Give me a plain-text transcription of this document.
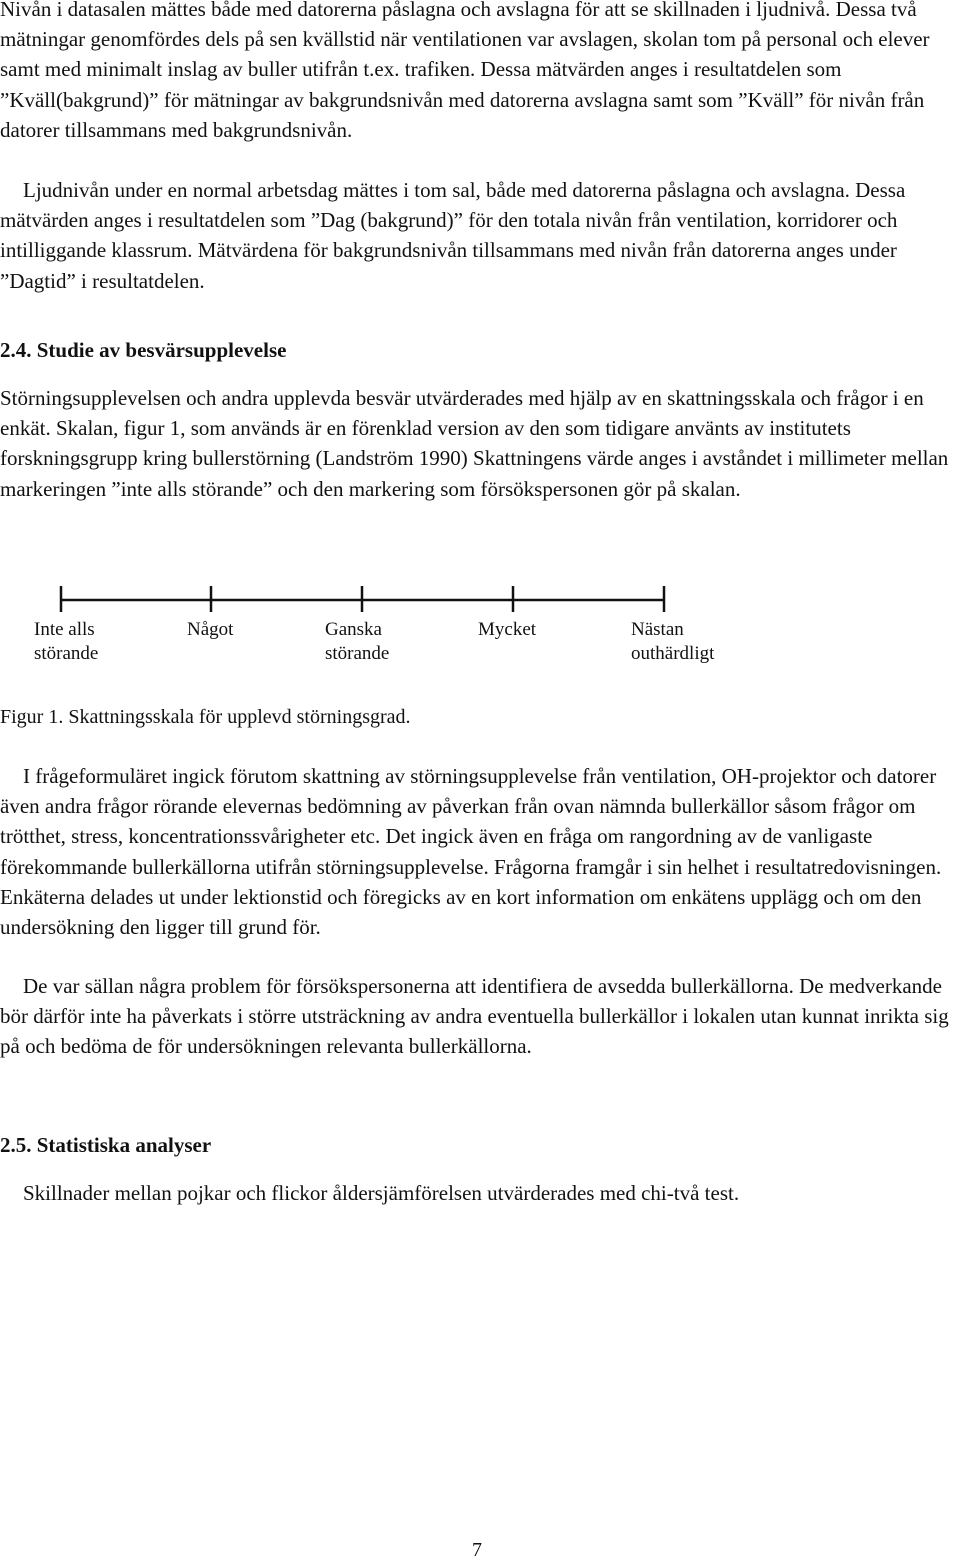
Nivån i datasalen mättes både med datorerna påslagna och avslagna för att se skillnaden i ljudnivå. Dessa två mätningar genomfördes dels på sen kvällstid när ventilationen var avslagen, skolan tom på personal och elever samt med minimalt inslag av buller utifrån t.ex. trafiken. Dessa mätvärden anges i resultatdelen som ”Kväll(bakgrund)” för mätningar av bakgrundsnivån med datorerna avslagna samt som ”Kväll” för nivån från datorer tillsammans med bakgrundsnivån.

Ljudnivån under en normal arbetsdag mättes i tom sal, både med datorerna påslagna och avslagna. Dessa mätvärden anges i resultatdelen som ”Dag (bakgrund)” för den totala nivån från ventilation, korridorer och intilliggande klassrum. Mätvärdena för bakgrundsnivån tillsammans med nivån från datorerna anges under ”Dagtid” i resultatdelen.

2.4. Studie av besvärsupplevelse

Störningsupplevelsen och andra upplevda besvär utvärderades med hjälp av en skattningsskala och frågor i en enkät. Skalan, figur 1, som används är en förenklad version av den som tidigare använts av institutets forskningsgrupp kring bullerstörning (Landström 1990) Skattningens värde anges i avståndet i millimeter mellan markeringen ”inte alls störande” och den markering som försökspersonen gör på skalan.

Inte alls
störande
Något	Ganska
störande
Mycket	Nästan
outhärdligt

Figur 1. Skattningsskala för upplevd störningsgrad.

I frågeformuläret ingick förutom skattning av störningsupplevelse från ventilation, OH-projektor och datorer även andra frågor rörande elevernas bedömning av påverkan från ovan nämnda bullerkällor såsom frågor om trötthet, stress, koncentrationssvårigheter etc. Det ingick även en fråga om rangordning av de vanligaste förekommande bullerkällorna utifrån störningsupplevelse. Frågorna framgår i sin helhet i resultatredovisningen. Enkäterna delades ut under lektionstid och föregicks av en kort information om enkätens upplägg och om den undersökning den ligger till grund för.

De var sällan några problem för försökspersonerna att identifiera de avsedda bullerkällorna. De medverkande bör därför inte ha påverkats i större utsträckning av andra eventuella bullerkällor i lokalen utan kunnat inrikta sig på och bedöma de för undersökningen relevanta bullerkällorna.

2.5. Statistiska analyser

Skillnader mellan pojkar och flickor åldersjämförelsen utvärderades med chi-två test.

7
